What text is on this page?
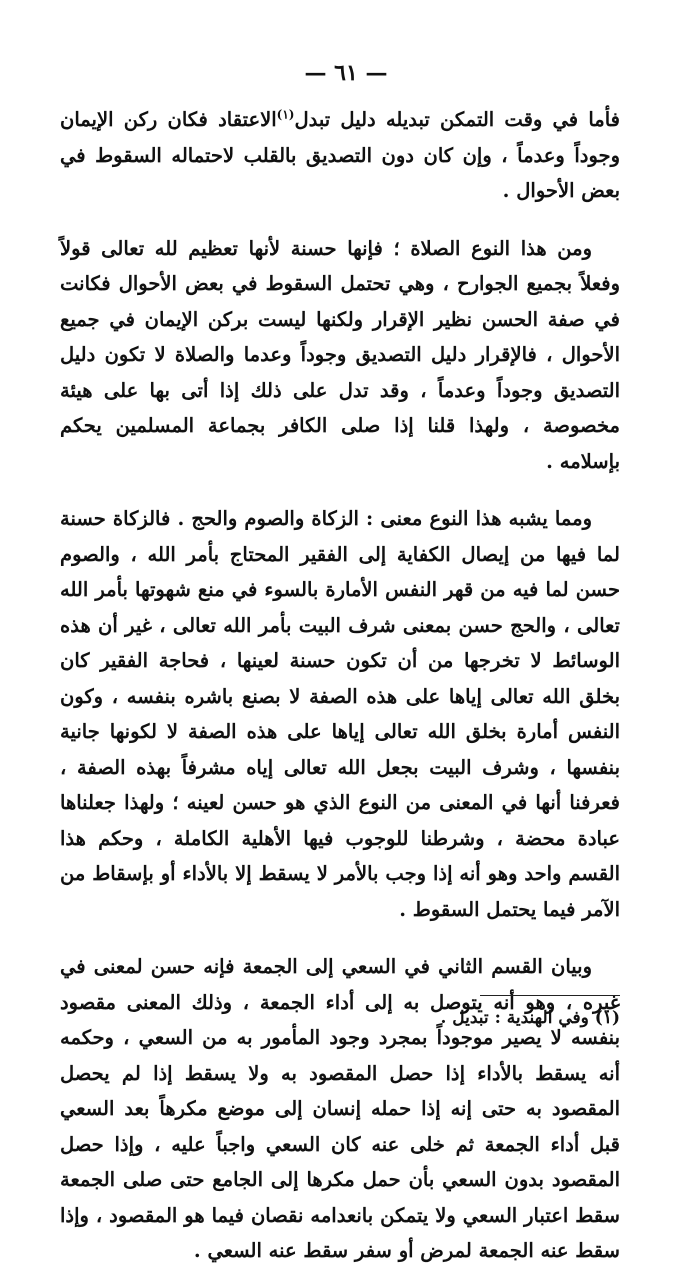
— ٦١ —

فأما في وقت التمكن تبديله دليل تبدل$^{(١)}$الاعتقاد فكان ركن الإيمان وجوداً وعدماً ، وإن كان دون التصديق بالقلب لاحتماله السقوط في بعض الأحوال .

ومن هذا النوع الصلاة ؛ فإنها حسنة لأنها تعظيم لله تعالى قولاً وفعلاً بجميع الجوارح ، وهي تحتمل السقوط في بعض الأحوال فكانت في صفة الحسن نظير الإقرار ولكنها ليست بركن الإيمان في جميع الأحوال ، فالإقرار دليل التصديق وجوداً وعدما والصلاة لا تكون دليل التصديق وجوداً وعدماً ، وقد تدل على ذلك إذا أتى بها على هيئة مخصوصة ، ولهذا قلنا إذا صلى الكافر بجماعة المسلمين يحكم بإسلامه .

ومما يشبه هذا النوع معنى : الزكاة والصوم والحج . فالزكاة حسنة لما فيها من إيصال الكفاية إلى الفقير المحتاج بأمر الله ، والصوم حسن لما فيه من قهر النفس الأمارة بالسوء في منع شهوتها بأمر الله تعالى ، والحج حسن بمعنى شرف البيت بأمر الله تعالى ، غير أن هذه الوسائط لا تخرجها من أن تكون حسنة لعينها ، فحاجة الفقير كان بخلق الله تعالى إياها على هذه الصفة لا بصنع باشره بنفسه ، وكون النفس أمارة بخلق الله تعالى إياها على هذه الصفة لا لكونها جانية بنفسها ، وشرف البيت بجعل الله تعالى إياه مشرفاً بهذه الصفة ، فعرفنا أنها في المعنى من النوع الذي هو حسن لعينه ؛ ولهذا جعلناها عبادة محضة ، وشرطنا للوجوب فيها الأهلية الكاملة ، وحكم هذا القسم واحد وهو أنه إذا وجب بالأمر لا يسقط إلا بالأداء أو بإسقاط من الآمر فيما يحتمل السقوط .

وبيان القسم الثاني في السعي إلى الجمعة فإنه حسن لمعنى في غيره ، وهو أنه يتوصل به إلى أداء الجمعة ، وذلك المعنى مقصود بنفسه لا يصير موجوداً بمجرد وجود المأمور به من السعي ، وحكمه أنه يسقط بالأداء إذا حصل المقصود به ولا يسقط إذا لم يحصل المقصود به حتى إنه إذا حمله إنسان إلى موضع مكرهاً بعد السعي قبل أداء الجمعة ثم خلى عنه كان السعي واجباً عليه ، وإذا حصل المقصود بدون السعي بأن حمل مكرها إلى الجامع حتى صلى الجمعة سقط اعتبار السعي ولا يتمكن بانعدامه نقصان فيما هو المقصود ، وإذا سقط عنه الجمعة لمرض أو سفر سقط عنه السعي .

(١) وفي الهندية : تبديل .
